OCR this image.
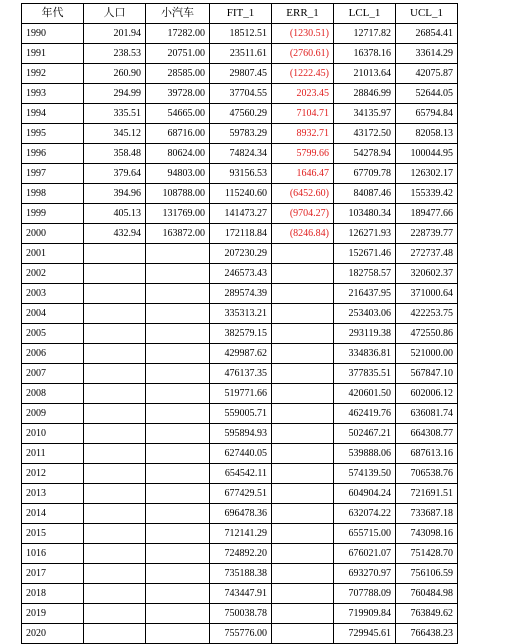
年代	人口	小汽车	FIT_1	ERR_1	LCL_1	UCL_1
1990	201.94	17282.00	18512.51	(1230.51)	12717.82	26854.41
1991	238.53	20751.00	23511.61	(2760.61)	16378.16	33614.29
1992	260.90	28585.00	29807.45	(1222.45)	21013.64	42075.87
1993	294.99	39728.00	37704.55	2023.45	28846.99	52644.05
1994	335.51	54665.00	47560.29	7104.71	34135.97	65794.84
1995	345.12	68716.00	59783.29	8932.71	43172.50	82058.13
1996	358.48	80624.00	74824.34	5799.66	54278.94	100044.95
1997	379.64	94803.00	93156.53	1646.47	67709.78	126302.17
1998	394.96	108788.00	115240.60	(6452.60)	84087.46	155339.42
1999	405.13	131769.00	141473.27	(9704.27)	103480.34	189477.66
2000	432.94	163872.00	172118.84	(8246.84)	126271.93	228739.77
2001			207230.29		152671.46	272737.48
2002			246573.43		182758.57	320602.37
2003			289574.39		216437.95	371000.64
2004			335313.21		253403.06	422253.75
2005			382579.15		293119.38	472550.86
2006			429987.62		334836.81	521000.00
2007			476137.35		377835.51	567847.10
2008			519771.66		420601.50	602006.12
2009			559005.71		462419.76	636081.74
2010			595894.93		502467.21	664308.77
2011			627440.05		539888.06	687613.16
2012			654542.11		574139.50	706538.76
2013			677429.51		604904.24	721691.51
2014			696478.36		632074.22	733687.18
2015			712141.29		655715.00	743098.16
1016			724892.20		676021.07	751428.70
2017			735188.38		693270.97	756106.59
2018			743447.91		707788.09	760484.98
2019			750038.78		719909.84	763849.62
2020			755776.00		729945.61	766438.23
